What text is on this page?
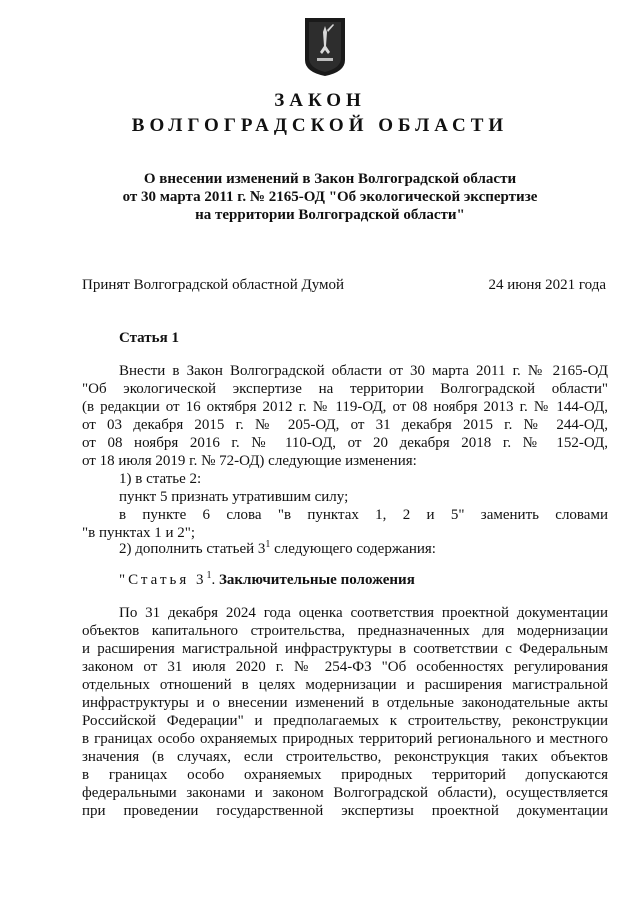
ЗАКОН
ВОЛГОГРАДСКОЙ ОБЛАСТИ
О внесении изменений в Закон Волгоградской области
от 30 марта 2011 г. № 2165-ОД "Об экологической экспертизе
на территории Волгоградской области"
Принят Волгоградской областной Думой	24 июня 2021 года
Статья 1

Внести в Закон Волгоградской области от 30 марта 2011 г. № 2165-ОД

"Об экологической экспертизе на территории Волгоградской области"

(в редакции от 16 октября 2012 г. № 119-ОД, от 08 ноября 2013 г. № 144-ОД,

от 03 декабря 2015 г. № 205-ОД, от 31 декабря 2015 г. № 244-ОД,

от 08 ноября 2016 г. № 110-ОД, от 20 декабря 2018 г. № 152-ОД,

от 18 июля 2019 г. № 72-ОД) следующие изменения:

1) в статье 2:
пункт 5 признать утратившим силу;

в пункте 6 слова "в пунктах 1, 2 и 5" заменить словами

"в пунктах 1 и 2";

2) дополнить статьей $3^1$ следующего содержания:
"Статья $3^1$. Заключительные положения

По 31 декабря 2024 года оценка соответствия проектной документации

объектов капитального строительства, предназначенных для модернизации

и расширения магистральной инфраструктуры в соответствии с Федеральным

законом от 31 июля 2020 г. № 254-ФЗ "Об особенностях регулирования

отдельных отношений в целях модернизации и расширения магистральной

инфраструктуры и о внесении изменений в отдельные законодательные акты

Российской Федерации" и предполагаемых к строительству, реконструкции

в границах особо охраняемых природных территорий регионального и местного

значения (в случаях, если строительство, реконструкция таких объектов

в границах особо охраняемых природных территорий допускаются

федеральными законами и законом Волгоградской области), осуществляется

при проведении государственной экспертизы проектной документации
